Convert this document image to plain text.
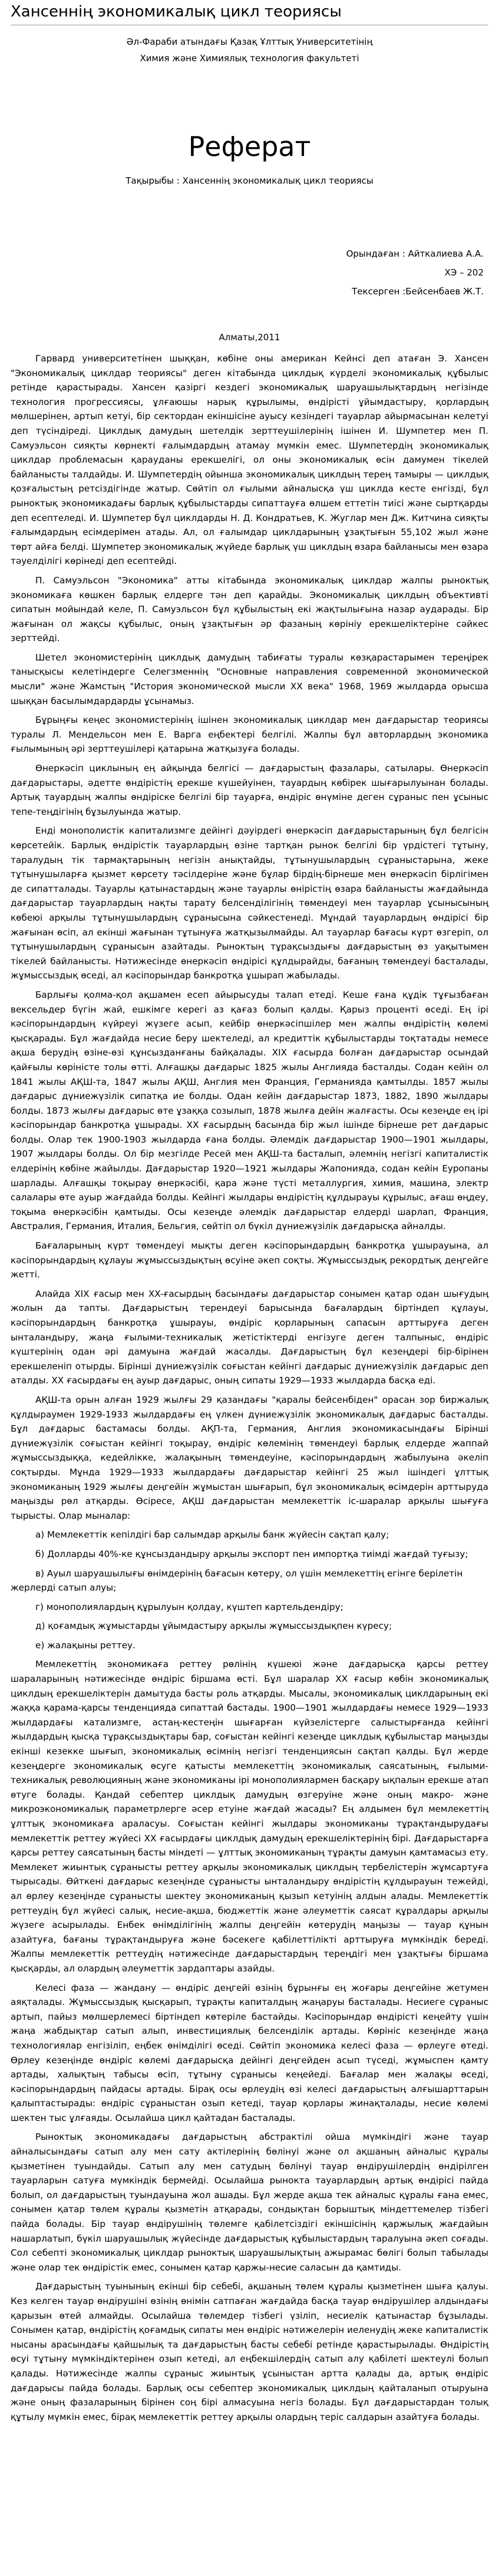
Хансеннің экономикалық цикл теориясы
Әл-Фараби атындағы Қазақ Ұлттық Университетінің
Химия және Химиялық технология факультеті
Реферат
Тақырыбы : Хансеннің экономикалық цикл теориясы
Орындаған : Айткалиева А.А.
ХЭ – 202
Тексерген :Бейсенбаев Ж.Т.
Алматы,2011

Гарвард университетінен шыққан, көбіне оны американ Кейнсі деп атаған Э. Хансен "Экономикалық циклдар теориясы" деген кітабында циклдық күрделі экономикалық құбылыс ретінде қарастырады. Хансен қазіргі кездегі экономикалық шаруашылықтардың негізінде технология прогрессиясы, ұлғаюшы нарық құрылымы, өндірісті ұйымдастыру, қорлардың мөлшерінен, артып кетуі, бір сектордан екіншісіне ауысу кезіндегі тауарлар айырмасынан келетуі деп түсіндіреді. Циклдық дамудың шетелдік зерттеушілерінің ішінен И. Шумпетер мен П. Самуэльсон сияқты көрнекті ғалымдардың атамау мүмкін емес. Шумпетердің экономикалық циклдар проблемасын қарауданы ерекшелігі, ол оны экономикалық өсін дамумен тікелей байланысты талдайды. И. Шумпетердің ойынша экономикалық циклдың терең тамыры — циклдық қозғалыстың ретсіздігінде жатыр. Сөйтіп ол ғылыми айналысқа үш циклда кесте енгізді, бұл рыноктық экономикадағы барлық құбылыстарды сипаттауға өлшем еттетін тиісі және сыртқарды деп есептеледі. И. Шумпетер бұл циклдарды Н. Д. Кондратьев, К. Жуглар мен Дж. Китчина сияқты ғалымдардың есімдерімен атады. Ал, ол ғалымдар циклдарының ұзақтығын 55,102 жыл және төрт айға белді. Шумпетер экономикалық жүйеде барлық үш циклдың өзара байланысы мен өзара тәуелділігі көрінеді деп есептейді.

П. Самуэльсон "Экономика" атты кітабында экономикалық циклдар жалпы рыноктық экономикаға көшкен барлық елдерге тән деп қарайды. Экономикалық циклдың объективті сипатын мойындай келе, П. Самуэльсон бұл құбылыстың екі жақтылығына назар аударады. Бір жағынан ол жақсы құбылыс, оның ұзақтығын әр фазаның көрініу ерекшеліктеріне сәйкес зерттейді.

Шетел экономистерінің циклдық дамудың табиғаты туралы көзқарастарымен тереңірек танысқысы келетіндерге Селегзменнің "Основные направления современной экономической мысли" және Жамстың "История экономической мысли XX века" 1968, 1969 жылдарда орысша шыққан басылымдардарды ұсынамыз.

Бұрыңғы кеңес экономистерінің ішінен экономикалық циклдар мен дағдарыстар теориясы туралы Л. Мендельсон мен Е. Варга еңбектері белгілі. Жалпы бұл авторлардың экономика ғылымының әрі зерттеушілері қатарына жатқызуға болады.

Өнеркәсіп циклының ең айқыңда белгісі — дағдарыстың фазалары, сатылары. Өнеркәсіп дағдарыстары, әдетте өндірістің ерекше күшейуінен, тауардың көбірек шығарылуынан болады. Артық тауардың жалпы өндіріске белгілі бір тауарға, өндіріс өнүміне деген сұраныс пен ұсыныс тепе-теңдігінің бұзылуында жатыр.

Енді монополистік капитализмге дейінгі дәуірдегі өнеркәсіп дағдарыстарының бұл белгісін көрсетейік. Барлық өндірістік тауарлардың өзіне тартқан рынок белгілі бір үрдістегі тұтыну, таралудың тік тармақтарының негізін анықтайды, тұтынушылардың сұраныстарына, жеке тұтынушыларға қызмет көрсету тәсілдеріне және бұлар бірдің-бірнеше мен өнеркәсіп бірлігімен де сипатталады. Тауарлы қатынастардың және тауарлы өнірістің өзара байланысты жағдайында дағдарыстар тауарлардың нақты тарату белсенділігінің төмендеуі мен тауарлар ұсынысының көбеюі арқылы тұтынушылардың сұранысына сәйкестенеді. Мұндай тауарлардың өндірісі бір жағынан өсіп, ал екінші жағынан тұтынуға жатқызылмайды. Ал тауарлар бағасы күрт өзгеріп, ол тұтынушылардың сұранысын азайтады. Рыноктың тұрақсыздығы дағдарыстың өз уақытымен тікелей байланысты. Нәтижесінде өнеркәсіп өндірісі құлдырайды, бағаның төмендеуі басталады, жұмыссыздық өседі, ал кәсіпорындар банкротқа ұшырап жабылады.

Барлығы қолма-қол ақшамен есеп айырысуды талап етеді. Кеше ғана құдік тұғызбаған вексельдер бүгін жай, ешкімге керегі аз қағаз болып қалды. Қарыз процентi өседі. Ең ірі кәсіпорындардың күйреуі жүзеге асып, кейбір өнеркәсіпшілер мен жалпы өндірістің көлемі қысқарады. Бұл жағдайда несие беру шектеледі, ал кредиттік құбылыстарды тоқтатады немесе ақша берудің өзіне-өзі құнсызданғаны байқалады. XIX ғасырда болған дағдарыстар осындай қайғылы көріністе толы өтті. Алғашқы дағдарыс 1825 жылы Англияда басталды. Содан кейін ол 1841 жылы АҚШ-та, 1847 жылы АҚШ, Англия мен Франция, Германияда қамтылды. 1857 жылы дағдарыс дүниежүзілік сипатқа ие болды. Одан кейін дағдарыстар 1873, 1882, 1890 жылдары болды. 1873 жылғы дағдарыс өте ұзаққа созылып, 1878 жылға дейін жалғасты. Осы кезеңде ең ірі кәсіпорындар банкротқа ұшырады. XX ғасырдың басында бір жыл ішінде бірнеше рет дағдарыс болды. Олар тек 1900-1903 жылдарда ғана болды. Әлемдік дағдарыстар 1900—1901 жылдары, 1907 жылдары болды. Ол бір мезгілде Ресей мен АҚШ-та басталып, әлемнің негізгі капиталистік елдерінің көбіне жайылды. Дағдарыстар 1920—1921 жылдары Жапонияда, содан кейін Еуропаны шарлады. Алғашқы тоқырау өнеркәсібі, қара және түсті металлургия, химия, машина, электр салалары өте ауыр жағдайда болды. Кейінгі жылдары өндірістің құлдырауы құрылыс, ағаш өңдеу, тоқыма өнеркәсібін қамтыды. Осы кезеңде әлемдік дағдарыстар елдерді шарлап, Франция, Австралия, Германия, Италия, Бельгия, сөйтіп ол бүкіл дүниежүзілік дағдарысқа айналды.

Бағаларының күрт төмендеуі мықты деген кәсіпорындардың банкротқа ұшырауына, ал кәсіпорындардың құлауы жұмыссыздықтың өсуіне әкеп соқты. Жұмыссыздық рекордтық деңгейге жетті.

Алайда XIX ғасыр мен XX-ғасырдың басындағы дағдарыстар сонымен қатар одан шығудың жолын да тапты. Дағдарыстың терендеуі барысында бағалардың біртіндеп құлауы, кәсіпорындардың банкротқа ұшырауы, өндіріс қорларының сапасын арттыруға деген ынталандыру, жаңа ғылыми-техникалық жетістіктерді енгізуге деген талпыныс, өндіріс күштерінің одан әрі дамуына жағдай жасалды. Дағдарыстың бұл кезеңдері бір-бірінен ерекшеленіп отырды. Бірінші дүниежүзілік соғыстан кейінгі дағдарыс дүниежүзілік дағдарыс деп аталды. XX ғасырдағы ең ауыр дағдарыс, оның сипаты 1929—1933 жылдарда басқа еді.

АҚШ-та орын алған 1929 жылғы 29 қазандағы "қаралы бейсенбіден" орасан зор биржалық құлдыраумен 1929-1933 жылдардағы ең үлкен дүниежүзілік экономикалық дағдарыс басталды. Бұл дағдарыс бастамасы болды. АҚП-та, Германия, Англия экономикасындағы Бірінші дүниежүзілік соғыстан кейінгі тоқырау, өндіріс көлемінің төмендеуі барлық елдерде жаппай жұмыссыздыққа, кедейлікке, жалақының төмендеуіне, кәсіпорындардың жабылуына әкеліп соқтырды. Мұнда 1929—1933 жылдардағы дағдарыстар кейінгі 25 жыл ішіндегі ұлттық экономиканың 1929 жылғы деңгейін жұмыстан шығарып, бұл экономикалық өсімдерін арттыруда маңызды рөл атқарды. Өсіресе, АҚШ дағдарыстан мемлекеттік іс-шаралар арқылы шығуға тырысты. Олар мыналар:

а) Мемлекеттік кепілдігі бар салымдар арқылы банк жүйесін сақтап қалу;
б) Долларды 40%-ке құнсыздандыру арқылы экспорт пен импортқа тиімді жағдай туғызу;
в) Ауыл шаруашылығы өнімдерінің бағасын көтеру, ол үшін мемлекеттің егінге берілетін жерлерді сатып алуы;
г) монополиялардың құрылуын қолдау, күштеп картельдендіру;
д) қоғамдық жұмыстарды ұйымдастыру арқылы жұмыссыздықпен күресу;
е) жалақыны реттеу.

Мемлекеттің экономикаға реттеу рөлінің күшеюі және дағдарысқа қарсы реттеу шараларының нәтижесінде өндіріс біршама өсті. Бұл шаралар XX ғасыр көбін экономикалық циклдың ерекшеліктерін дамытуда басты роль атқарды. Мысалы, экономикалық циклдарының екі жаққа қарама-қарсы тенденцияда сипаттай бастады. 1900—1901 жылдардағы немесе 1929—1933 жылдардағы катализмге, астаң-кестеңін шығарған күйзелістерге салыстырғанда кейінгі жылдардың қысқа тұрақсыздықтары бар, соғыстан кейінгі кезеңде циклдық құбылыстар маңызды екінші кезекке шығып, экономикалық өсімнің негізгі тенденциясын сақтап қалды. Бұл жерде кезеңдерге экономикалық өсуге қатысты мемлекеттің экономикалық саясатының, ғылыми-техникалық революцияның және экономиканы ірі монополиялармен басқару ықпалын ерекше атап өтуге болады. Қандай себептер циклдық дамудың өзгеруіне және оның макро- және микроэкономикалық параметрлерге әсер етуіне жағдай жасады? Ең алдымен бұл мемлекеттің ұлттық экономикаға араласуы. Соғыстан кейінгі жылдары экономиканы тұрақтандырудағы мемлекеттік реттеу жүйесі XX ғасырдағы циклдық дамудың ерекшеліктерінің бірі. Дағдарыстарға қарсы реттеу саясатының басты міндеті — ұлттық экономиканың тұрақты дамуын қамтамасыз ету. Мемлекет жиынтық сұранысты реттеу арқылы экономикалық циклдың тербелістерін жұмсартуға тырысады. Өйткені дағдарыс кезеңінде сұранысты ынталандыру өндірістің құлдырауын тежейді, ал өрлеу кезеңінде сұранысты шектеу экономиканың қызып кетуінің алдын алады. Мемлекеттік реттеудің бұл жүйесі салық, несие-ақша, бюджеттік және әлеуметтік саясат құралдары арқылы жүзеге асырылады. Енбек өнімділігінің жалпы деңгейін көтерудің маңызы — тауар құнын азайтуға, бағаны тұрақтандыруға және бәсекеге қабілеттілікті арттыруға мүмкіндік береді. Жалпы мемлекеттік реттеудің нәтижесінде дағдарыстардың тереңдігі мен ұзақтығы біршама қысқарды, ал олардың әлеуметтік зардаптары азайды.

Келесі фаза — жандану — өндіріс деңгейі өзінің бұрынғы ең жоғары деңгейіне жетумен аяқталады. Жұмыссыздық қысқарып, тұрақты капиталдың жаңаруы басталады. Несиеге сұраныс артып, пайыз мөлшерлемесі біртіндеп көтеріле бастайды. Кәсіпорындар өндірісті кеңейту үшін жаңа жабдықтар сатып алып, инвестициялық белсенділік артады. Көрініс кезеңінде жаңа технологиялар енгізіліп, еңбек өнімділігі өседі. Сөйтіп экономика келесі фаза — өрлеуге өтеді. Өрлеу кезеңінде өндіріс көлемі дағдарысқа дейінгі деңгейден асып түседі, жұмыспен қамту артады, халықтың табысы өсіп, тұтыну сұранысы кеңейеді. Бағалар мен жалақы өседі, кәсіпорындардың пайдасы артады. Бірақ осы өрлеудің өзі келесі дағдарыстың алғышарттарын қалыптастырады: өндіріс сұраныстан озып кетеді, тауар қорлары жинақталады, несие көлемі шектен тыс ұлғаяды. Осылайша цикл қайтадан басталады.

Рыноктық экономикадағы дағдарыстың абстрактілі ойша мүмкіндігі және тауар айналысындағы сатып алу мен сату актілерінің бөлінуі және ол ақшаның айналыс құралы қызметінен туындайды. Сатып алу мен сатудың бөлінуі тауар өндірушілердің өндірілген тауарларын сатуға мүмкіндік бермейді. Осылайша рынокта тауарлардың артық өндірісі пайда болып, ол дағдарыстың туындауына жол ашады. Бұл жерде ақша тек айналыс құралы ғана емес, сонымен қатар төлем құралы қызметін атқарады, сондықтан борыштық міндеттемелер тізбегі пайда болады. Бір тауар өндірушінің төлемге қабілетсіздігі екіншісінің қаржылық жағдайын нашарлатып, бүкіл шаруашылық жүйесінде дағдарыстық құбылыстардың таралуына әкеп соғады. Сол себепті экономикалық циклдар рыноктық шаруашылықтың ажырамас бөлігі болып табылады және олар тек өндірістік емес, сонымен қатар қаржы-несие саласын да қамтиды.

Дағдарыстың туынының екінші бір себебі, ақшаның төлем құралы қызметінен шыға қалуы. Кез келген тауар өндірушіні өзінің өнімін сатпаған жағдайда басқа тауар өндірушілер алдындағы қарызын өтей алмайды. Осылайша төлемдер тізбегі үзіліп, несиелік қатынастар бұзылады. Сонымен қатар, өндірістің қоғамдық сипаты мен өндіріс нәтижелерін иеленудің жеке капиталистік нысаны арасындағы қайшылық та дағдарыстың басты себебі ретінде қарастырылады. Өндірістің өсуі тұтыну мүмкіндіктерінен озып кетеді, ал еңбекшілердің сатып алу қабілеті шектеулі болып қалады. Нәтижесінде жалпы сұраныс жиынтық ұсыныстан артта қалады да, артық өндіріс дағдарысы пайда болады. Барлық осы себептер экономикалық циклдың қайталанып отыруына және оның фазаларының бірінен соң бірі алмасуына негіз болады. Бұл дағдарыстардан толық құтылу мүмкін емес, бірақ мемлекеттік реттеу арқылы олардың теріс салдарын азайтуға болады.
